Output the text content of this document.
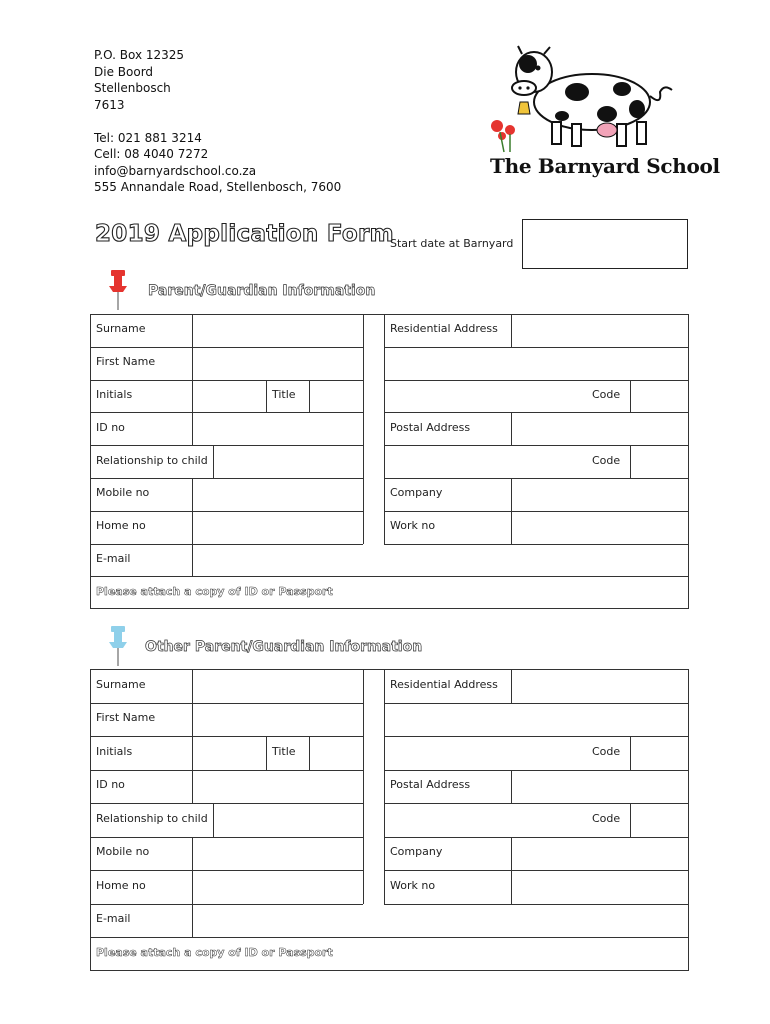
P.O. Box 12325
Die Boord
Stellenbosch
7613
Tel: 021 881 3214
Cell: 08 4040 7272
info@barnyardschool.co.za
555 Annandale Road, Stellenbosch, 7600
The Barnyard School
2019 Application Form
Start date at Barnyard
Parent/Guardian Information
Surname
First Name
Initials	Title
ID no
Relationship to child
Mobile no
Home no
E-mail
Please attach a copy of ID or Passport
Residential Address
Code
Postal Address
Code
Company
Work no
Other Parent/Guardian Information
Surname
First Name
Initials	Title
ID no
Relationship to child
Mobile no
Home no
E-mail
Please attach a copy of ID or Passport
Residential Address
Code
Postal Address
Code
Company
Work no
